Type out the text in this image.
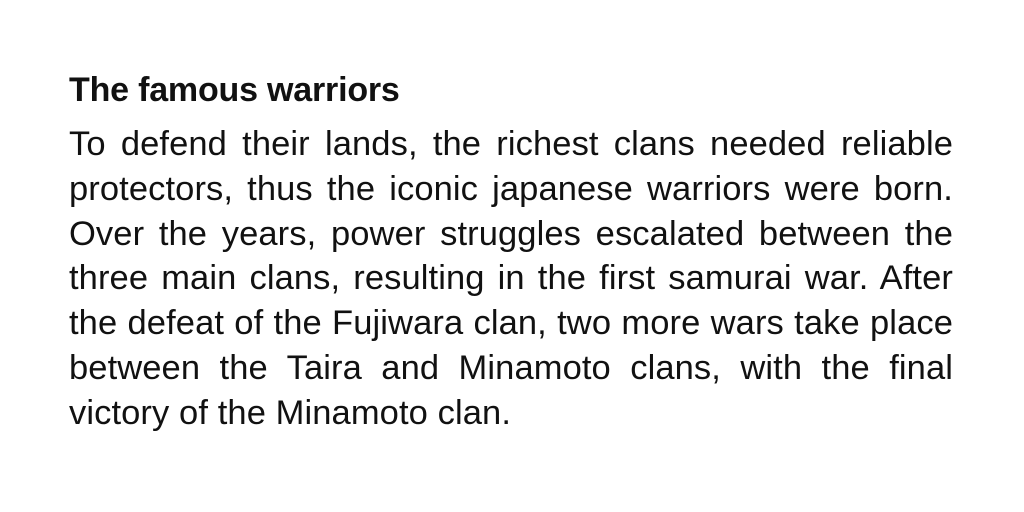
The famous warriors

To defend their lands, the richest clans needed reliable protectors, thus the iconic japanese warriors were born. Over the years, power struggles escalated between the three main clans, resulting in the first samurai war. After the defeat of the Fujiwara clan, two more wars take place between the Taira and Minamoto clans, with the final victory of the Minamoto clan.
